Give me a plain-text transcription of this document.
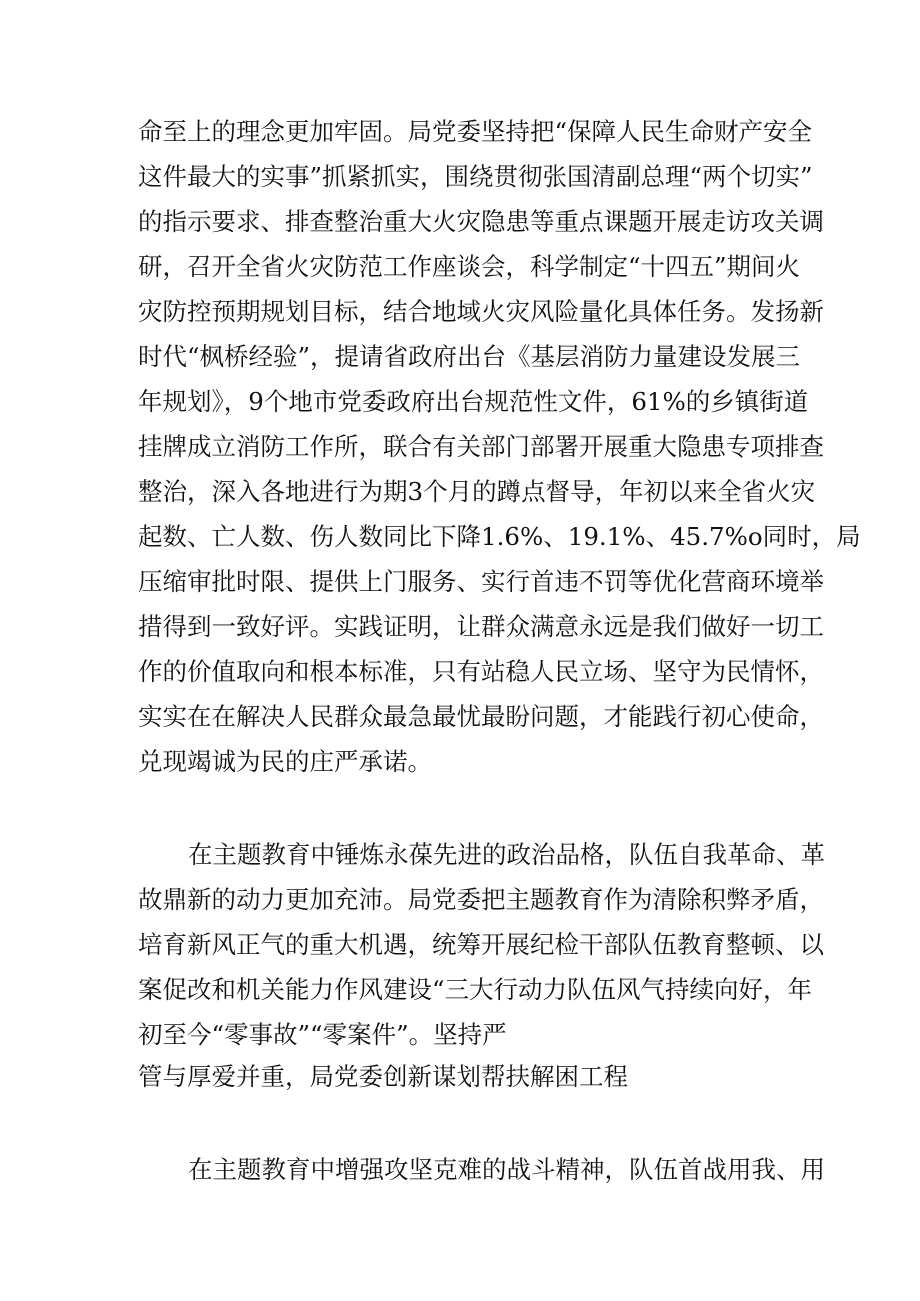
命至上的理念更加牢固。局党委坚持把“保障人民生命财产安全

这件最大的实事”抓紧抓实，围绕贯彻张国清副总理“两个切实”

的指示要求、排查整治重大火灾隐患等重点课题开展走访攻关调

研，召开全省火灾防范工作座谈会，科学制定“十四五”期间火

灾防控预期规划目标，结合地域火灾风险量化具体任务。发扬新

时代“枫桥经验”，提请省政府出台《基层消防力量建设发展三

年规划》，9个地市党委政府出台规范性文件，61%的乡镇街道

挂牌成立消防工作所，联合有关部门部署开展重大隐患专项排查

整治，深入各地进行为期3个月的蹲点督导，年初以来全省火灾

起数、亡人数、伤人数同比下降1.6%、19.1%、45.7%o同时，局

压缩审批时限、提供上门服务、实行首违不罚等优化营商环境举

措得到一致好评。实践证明，让群众满意永远是我们做好一切工

作的价值取向和根本标准，只有站稳人民立场、坚守为民情怀，

实实在在解决人民群众最急最忧最盼问题，才能践行初心使命，

兑现竭诚为民的庄严承诺。

在主题教育中锤炼永葆先进的政治品格，队伍自我革命、革

故鼎新的动力更加充沛。局党委把主题教育作为清除积弊矛盾，

培育新风正气的重大机遇，统筹开展纪检干部队伍教育整顿、以

案促改和机关能力作风建设“三大行动力队伍风气持续向好，年

初至今“零事故”“零案件”。坚持严

管与厚爱并重，局党委创新谋划帮扶解困工程

在主题教育中增强攻坚克难的战斗精神，队伍首战用我、用
